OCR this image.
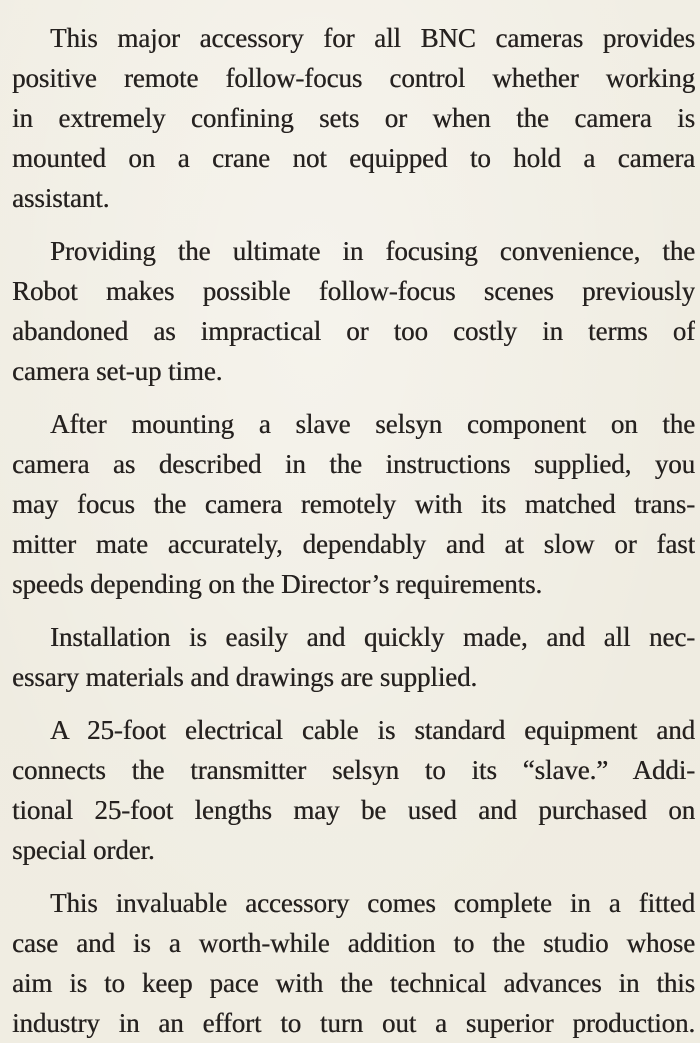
This major accessory for all BNC cameras provides
positive remote follow-focus control whether working
in extremely confining sets or when the camera is
mounted on a crane not equipped to hold a camera
assistant.

Providing the ultimate in focusing convenience, the
Robot makes possible follow-focus scenes previously
abandoned as impractical or too costly in terms of
camera set-up time.

After mounting a slave selsyn component on the
camera as described in the instructions supplied, you
may focus the camera remotely with its matched trans-
mitter mate accurately, dependably and at slow or fast
speeds depending on the Director’s requirements.

Installation is easily and quickly made, and all nec-
essary materials and drawings are supplied.

A 25-foot electrical cable is standard equipment and
connects the transmitter selsyn to its “slave.” Addi-
tional 25-foot lengths may be used and purchased on
special order.

This invaluable accessory comes complete in a fitted
case and is a worth-while addition to the studio whose
aim is to keep pace with the technical advances in this
industry in an effort to turn out a superior production.
